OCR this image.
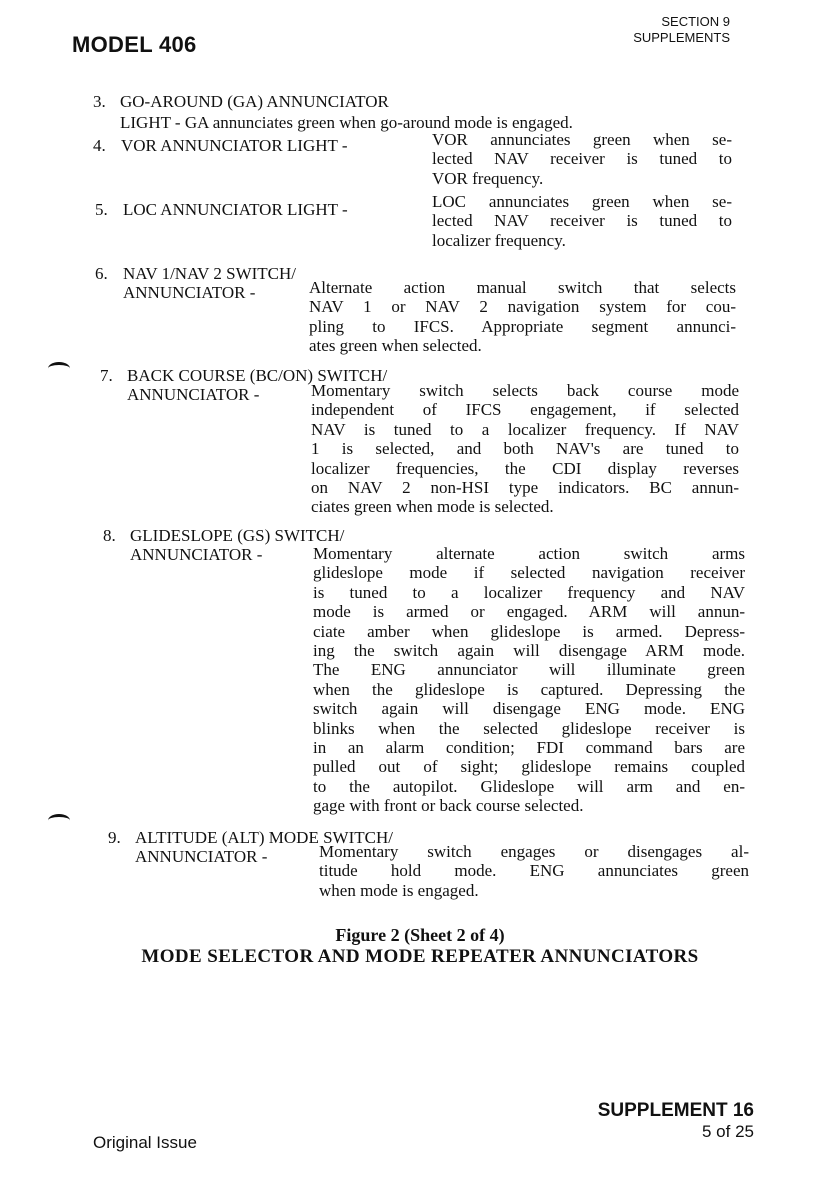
MODEL 406
SECTION 9
SUPPLEMENTS
3. GO-AROUND (GA) ANNUNCIATOR
LIGHT - GA annunciates green when go-around mode is engaged.
4. VOR ANNUNCIATOR LIGHT -	VOR annunciates green when se-
lected NAV receiver is tuned to
VOR frequency.
5. LOC ANNUNCIATOR LIGHT -	LOC annunciates green when se-
lected NAV receiver is tuned to
localizer frequency.
6. NAV 1/NAV 2 SWITCH/
ANNUNCIATOR -	Alternate action manual switch that selects
NAV 1 or NAV 2 navigation system for cou-
pling to IFCS. Appropriate segment annunci-
ates green when selected.
7. BACK COURSE (BC/ON) SWITCH/
ANNUNCIATOR -	Momentary switch selects back course mode
independent of IFCS engagement, if selected
NAV is tuned to a localizer frequency. If NAV
1 is selected, and both NAV's are tuned to
localizer frequencies, the CDI display reverses
on NAV 2 non-HSI type indicators. BC annun-
ciates green when mode is selected.
8. GLIDESLOPE (GS) SWITCH/
ANNUNCIATOR -	Momentary alternate action switch arms
glideslope mode if selected navigation receiver
is tuned to a localizer frequency and NAV
mode is armed or engaged. ARM will annun-
ciate amber when glideslope is armed. Depress-
ing the switch again will disengage ARM mode.
The ENG annunciator will illuminate green
when the glideslope is captured. Depressing the
switch again will disengage ENG mode. ENG
blinks when the selected glideslope receiver is
in an alarm condition; FDI command bars are
pulled out of sight; glideslope remains coupled
to the autopilot. Glideslope will arm and en-
gage with front or back course selected.
9. ALTITUDE (ALT) MODE SWITCH/
ANNUNCIATOR -	Momentary switch engages or disengages al-
titude hold mode. ENG annunciates green
when mode is engaged.
Figure 2 (Sheet 2 of 4)
MODE SELECTOR AND MODE REPEATER ANNUNCIATORS
Original Issue
SUPPLEMENT 16
5 of 25
